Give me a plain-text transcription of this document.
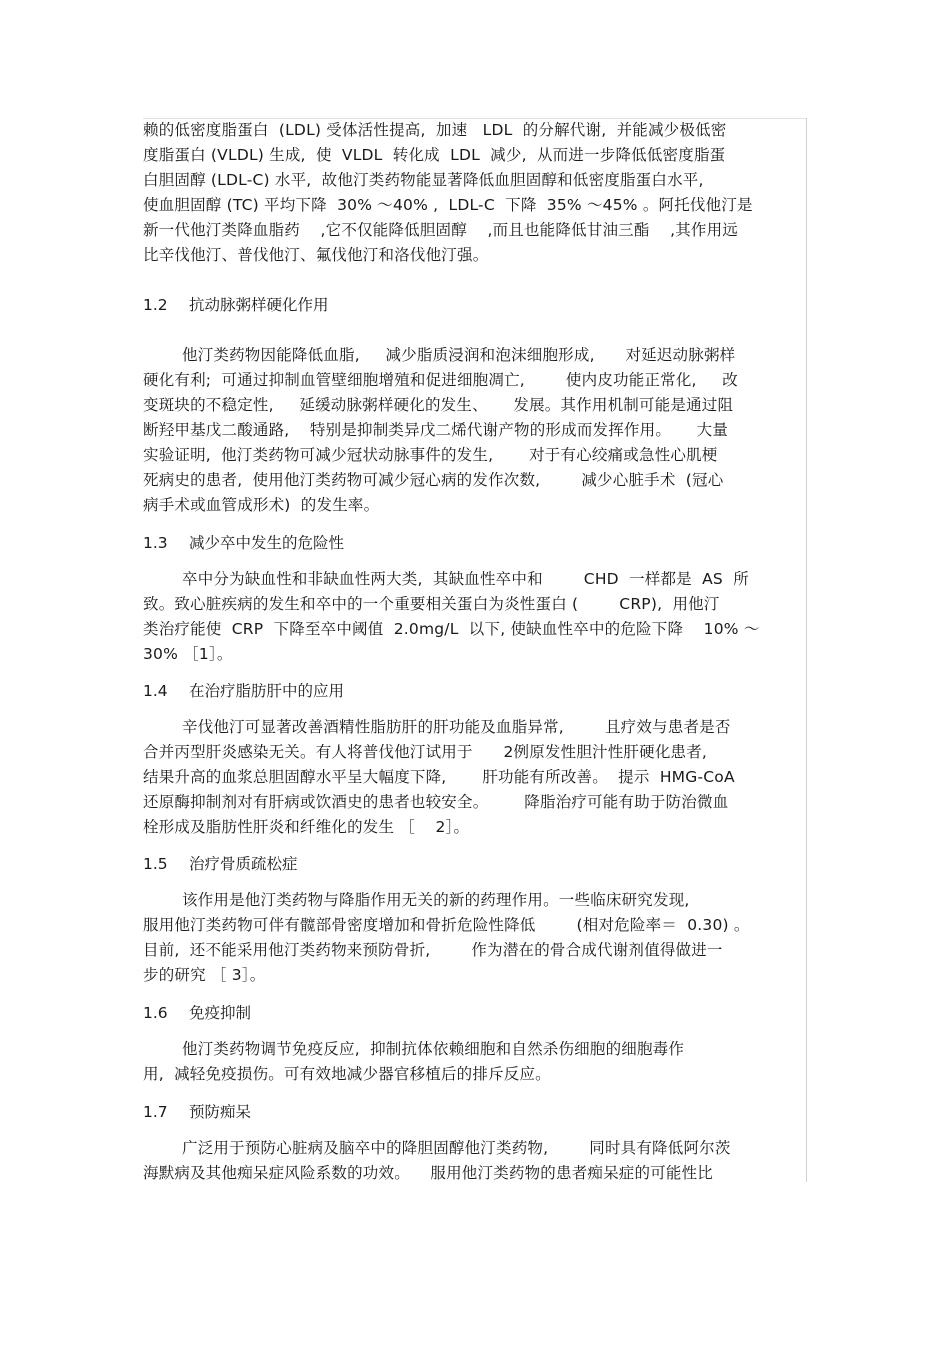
赖的低密度脂蛋白  (LDL) 受体活性提高,  加速   LDL  的分解代谢,  并能减少极低密
度脂蛋白 (VLDL) 生成,  使  VLDL  转化成  LDL  减少,  从而进一步降低低密度脂蛋
白胆固醇 (LDL-C) 水平,  故他汀类药物能显著降低血胆固醇和低密度脂蛋白水平,
使血胆固醇 (TC) 平均下降  30% ～40% ,  LDL-C  下降  35% ～45% 。阿托伐他汀是
新一代他汀类降血脂药    ,它不仅能降低胆固醇    ,而且也能降低甘油三酯    ,其作用远
比辛伐他汀、普伐他汀、氟伐他汀和洛伐他汀强。
1.2 抗动脉粥样硬化作用
他汀类药物因能降低血脂,     减少脂质浸润和泡沫细胞形成,      对延迟动脉粥样
硬化有利;  可通过抑制血管壁细胞增殖和促进细胞凋亡,        使内皮功能正常化,     改
变斑块的不稳定性,     延缓动脉粥样硬化的发生、     发展。其作用机制可能是通过阻
断羟甲基戊二酸通路,    特别是抑制类异戊二烯代谢产物的形成而发挥作用。     大量
实验证明,  他汀类药物可减少冠状动脉事件的发生,       对于有心绞痛或急性心肌梗
死病史的患者,  使用他汀类药物可减少冠心病的发作次数,        减少心脏手术  (冠心
病手术或血管成形术)  的发生率。
1.3 减少卒中发生的危险性
卒中分为缺血性和非缺血性两大类,  其缺血性卒中和        CHD  一样都是  AS  所
致。致心脏疾病的发生和卒中的一个重要相关蛋白为炎性蛋白 (        CRP),  用他汀
类治疗能使  CRP  下降至卒中阈值  2.0mg/L  以下, 使缺血性卒中的危险下降    10% ～
30% ［1］。
1.4 在治疗脂肪肝中的应用
辛伐他汀可显著改善酒精性脂肪肝的肝功能及血脂异常,        且疗效与患者是否
合并丙型肝炎感染无关。有人将普伐他汀试用于      2例原发性胆汁性肝硬化患者,
结果升高的血浆总胆固醇水平呈大幅度下降,       肝功能有所改善。  提示  HMG-CoA
还原酶抑制剂对有肝病或饮酒史的患者也较安全。       降脂治疗可能有助于防治微血
栓形成及脂肪性肝炎和纤维化的发生 ［    2］。
1.5 治疗骨质疏松症
该作用是他汀类药物与降脂作用无关的新的药理作用。一些临床研究发现,
服用他汀类药物可伴有髋部骨密度增加和骨折危险性降低        (相对危险率＝  0.30) 。
目前,  还不能采用他汀类药物来预防骨折,        作为潜在的骨合成代谢剂值得做进一
步的研究 ［ 3］。
1.6 免疫抑制
他汀类药物调节免疫反应,  抑制抗体依赖细胞和自然杀伤细胞的细胞毒作
用,  减轻免疫损伤。可有效地减少器官移植后的排斥反应。
1.7 预防痴呆
广泛用于预防心脏病及脑卒中的降胆固醇他汀类药物,        同时具有降低阿尔茨
海默病及其他痴呆症风险系数的功效。    服用他汀类药物的患者痴呆症的可能性比
